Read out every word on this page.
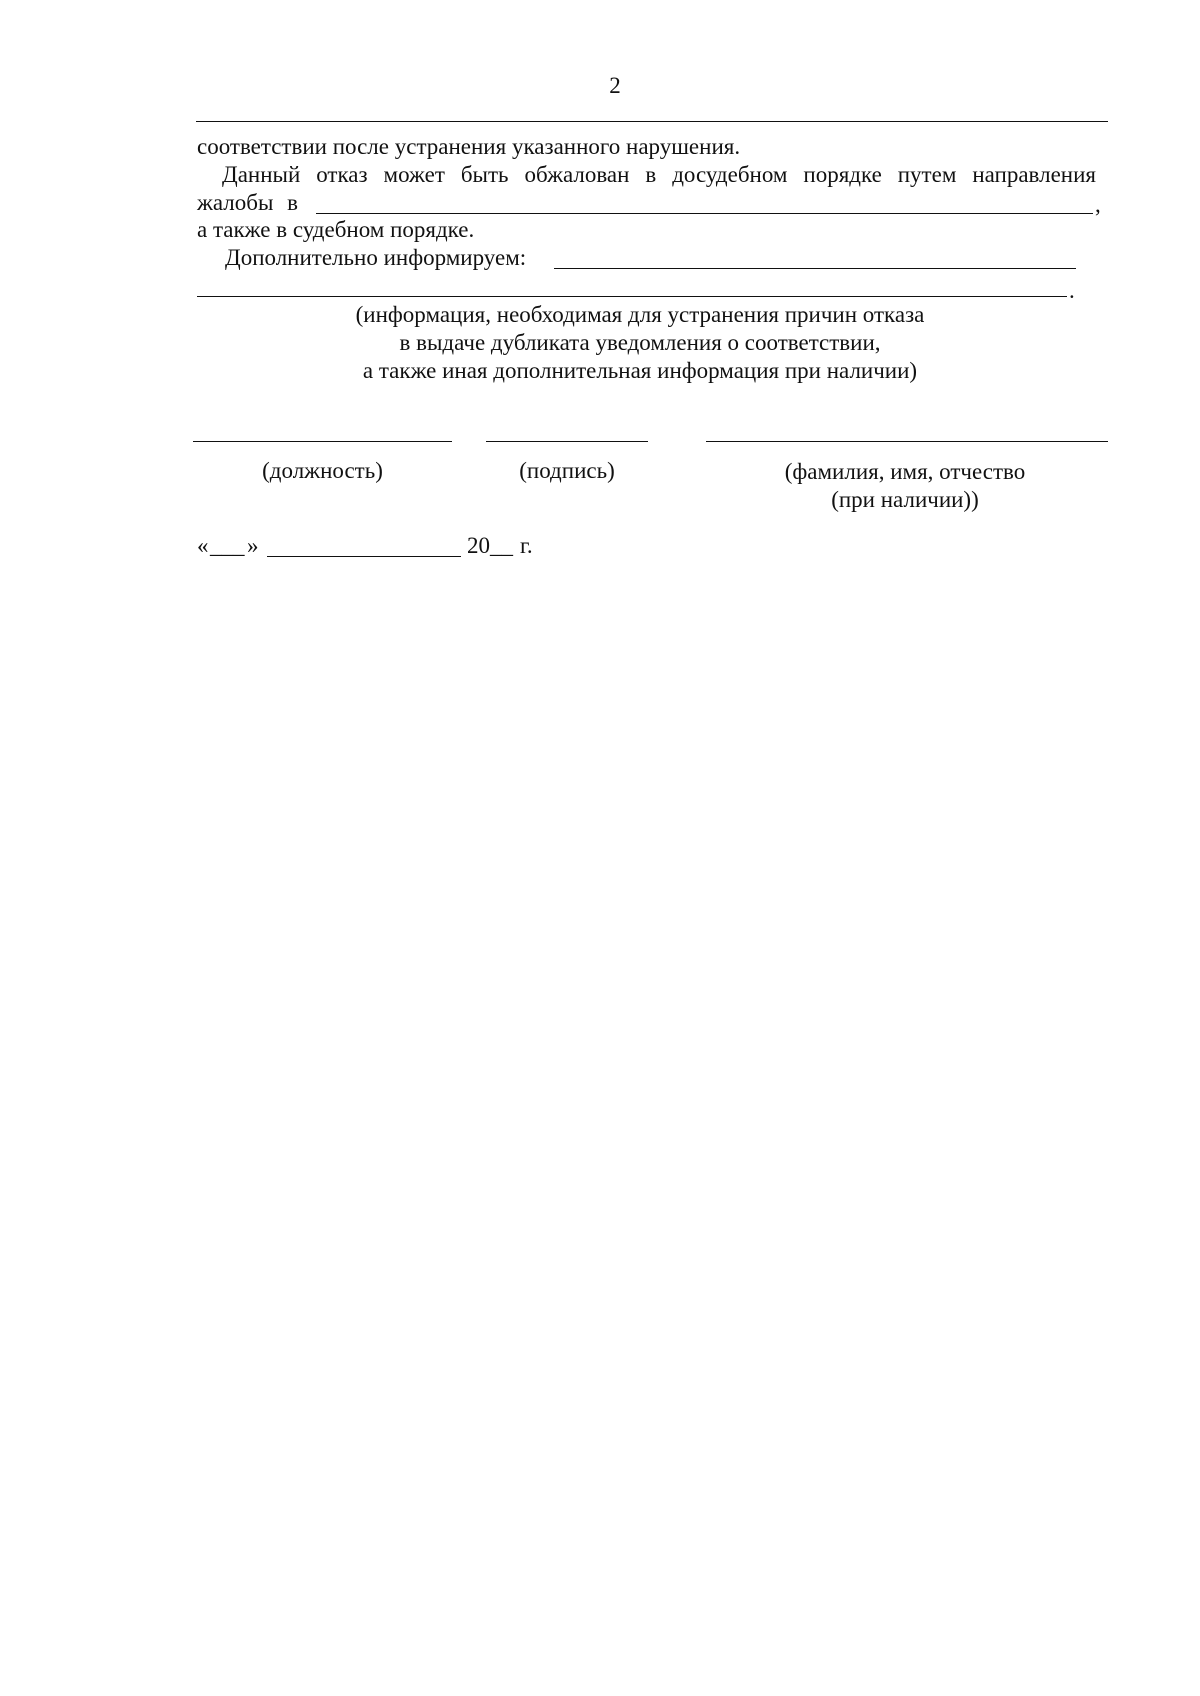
2
соответствии после устранения указанного нарушения.
Данный отказ может быть обжалован в досудебном порядке путем направления
жалобы в	,
а также в судебном порядке.
Дополнительно информируем:
.
(информация, необходимая для устранения причин отказа
в выдаче дубликата уведомления о соответствии,
а также иная дополнительная информация при наличии)
(должность)	(подпись)	(фамилия, имя, отчество
(при наличии))
« ___ »	20 __ г.
